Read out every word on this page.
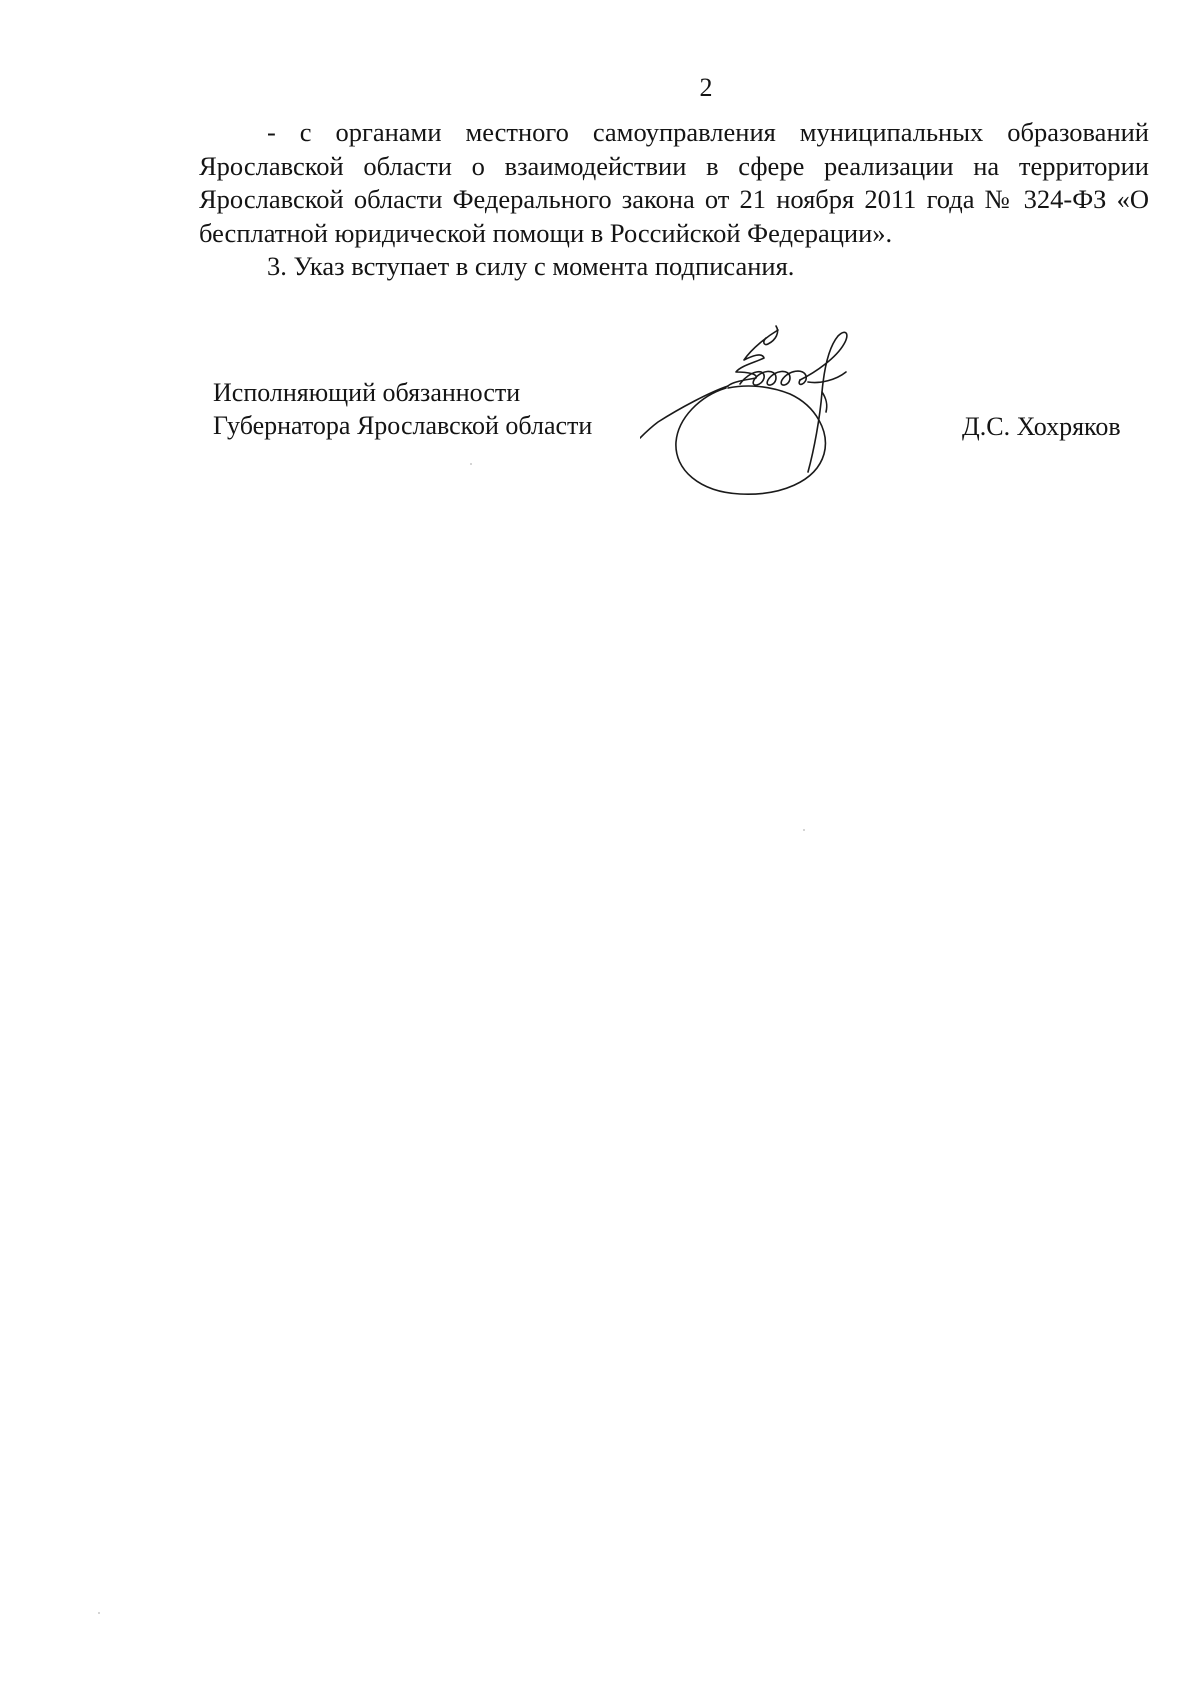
2

- с органами местного самоуправления муниципальных образований Ярославской области о взаимодействии в сфере реализации на территории Ярославской области Федерального закона от 21 ноября 2011 года № 324-ФЗ «О бесплатной юридической помощи в Российской Федерации».

3. Указ вступает в силу с момента подписания.

Исполняющий обязанности
Губернатора Ярославской области	Д.С. Хохряков
